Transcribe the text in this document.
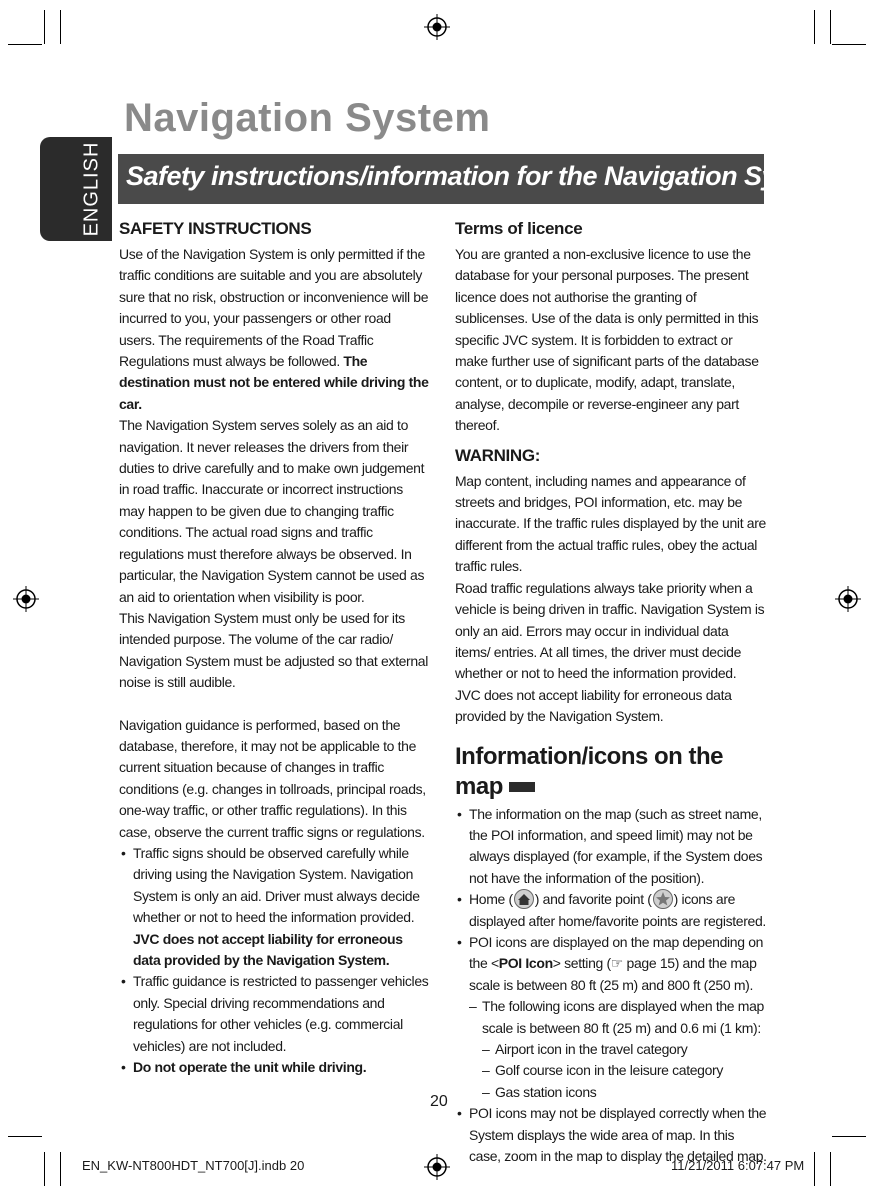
ENGLISH
Navigation System
Safety instructions/information for the Navigation System
SAFETY INSTRUCTIONS

Use of the Navigation System is only permitted if the traffic conditions are suitable and you are absolutely sure that no risk, obstruction or inconvenience will be incurred to you, your passengers or other road users. The requirements of the Road Traffic Regulations must always be followed. The destination must not be entered while driving the car.

The Navigation System serves solely as an aid to navigation. It never releases the drivers from their duties to drive carefully and to make own judgement in road traffic. Inaccurate or incorrect instructions may happen to be given due to changing traffic conditions. The actual road signs and traffic regulations must therefore always be observed. In particular, the Navigation System cannot be used as an aid to orientation when visibility is poor.

This Navigation System must only be used for its intended purpose. The volume of the car radio/ Navigation System must be adjusted so that external noise is still audible.

Navigation guidance is performed, based on the database, therefore, it may not be applicable to the current situation because of changes in traffic conditions (e.g. changes in tollroads, principal roads, one-way traffic, or other traffic regulations). In this case, observe the current traffic signs or regulations.

• Traffic signs should be observed carefully while driving using the Navigation System. Navigation System is only an aid. Driver must always decide whether or not to heed the information provided. JVC does not accept liability for erroneous data provided by the Navigation System.
• Traffic guidance is restricted to passenger vehicles only. Special driving recommendations and regulations for other vehicles (e.g. commercial vehicles) are not included.
• Do not operate the unit while driving.
Terms of licence

You are granted a non-exclusive licence to use the database for your personal purposes. The present licence does not authorise the granting of sublicenses. Use of the data is only permitted in this specific JVC system. It is forbidden to extract or make further use of significant parts of the database content, or to duplicate, modify, adapt, translate, analyse, decompile or reverse-engineer any part thereof.

WARNING:

Map content, including names and appearance of streets and bridges, POI information, etc. may be inaccurate. If the traffic rules displayed by the unit are different from the actual traffic rules, obey the actual traffic rules.

Road traffic regulations always take priority when a vehicle is being driven in traffic. Navigation System is only an aid. Errors may occur in individual data items/ entries. At all times, the driver must decide whether or not to heed the information provided.

JVC does not accept liability for erroneous data provided by the Navigation System.

Information/icons on the map
• The information on the map (such as street name, the POI information, and speed limit) may not be always displayed (for example, if the System does not have the information of the position).
• Home ( ) and favorite point ( ) icons are displayed after home/favorite points are registered.
• POI icons are displayed on the map depending on the <POI Icon> setting (☞ page 15) and the map scale is between 80 ft (25 m) and 800 ft (250 m).
– The following icons are displayed when the map scale is between 80 ft (25 m) and 0.6 mi (1 km):
– Airport icon in the travel category
– Golf course icon in the leisure category
– Gas station icons
• POI icons may not be displayed correctly when the System displays the wide area of map. In this case, zoom in the map to display the detailed map.
20
EN_KW-NT800HDT_NT700[J].indb 20	11/21/2011 6:07:47 PM
